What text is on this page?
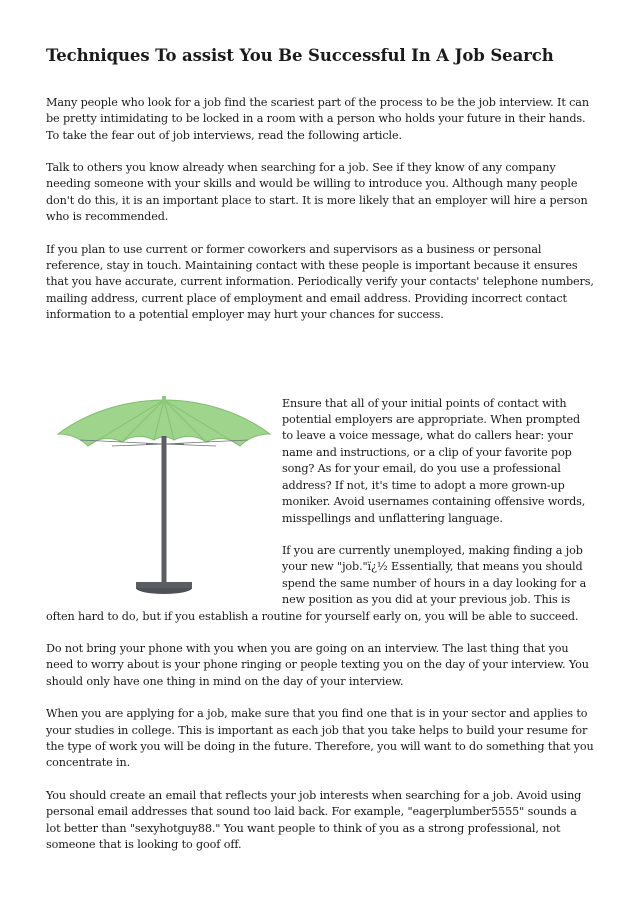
Techniques To assist You Be Successful In A Job Search

Many people who look for a job find the scariest part of the process to be the job interview. It can be pretty intimidating to be locked in a room with a person who holds your future in their hands. To take the fear out of job interviews, read the following article.

Talk to others you know already when searching for a job. See if they know of any company needing someone with your skills and would be willing to introduce you. Although many people don't do this, it is an important place to start. It is more likely that an employer will hire a person who is recommended.

If you plan to use current or former coworkers and supervisors as a business or personal reference, stay in touch. Maintaining contact with these people is important because it ensures that you have accurate, current information. Periodically verify your contacts' telephone numbers, mailing address, current place of employment and email address. Providing incorrect contact information to a potential employer may hurt your chances for success.

Ensure that all of your initial points of contact with potential employers are appropriate. When prompted to leave a voice message, what do callers hear: your name and instructions, or a clip of your favorite pop song? As for your email, do you use a professional address? If not, it's time to adopt a more grown-up moniker. Avoid usernames containing offensive words, misspellings and unflattering language.

If you are currently unemployed, making finding a job your new "job."ï¿½ Essentially, that means you should spend the same number of hours in a day looking for a new position as you did at your previous job. This is often hard to do, but if you establish a routine for yourself early on, you will be able to succeed.

Do not bring your phone with you when you are going on an interview. The last thing that you need to worry about is your phone ringing or people texting you on the day of your interview. You should only have one thing in mind on the day of your interview.

When you are applying for a job, make sure that you find one that is in your sector and applies to your studies in college. This is important as each job that you take helps to build your resume for the type of work you will be doing in the future. Therefore, you will want to do something that you concentrate in.

You should create an email that reflects your job interests when searching for a job. Avoid using personal email addresses that sound too laid back. For example, "eagerplumber5555" sounds a lot better than "sexyhotguy88." You want people to think of you as a strong professional, not someone that is looking to goof off.
